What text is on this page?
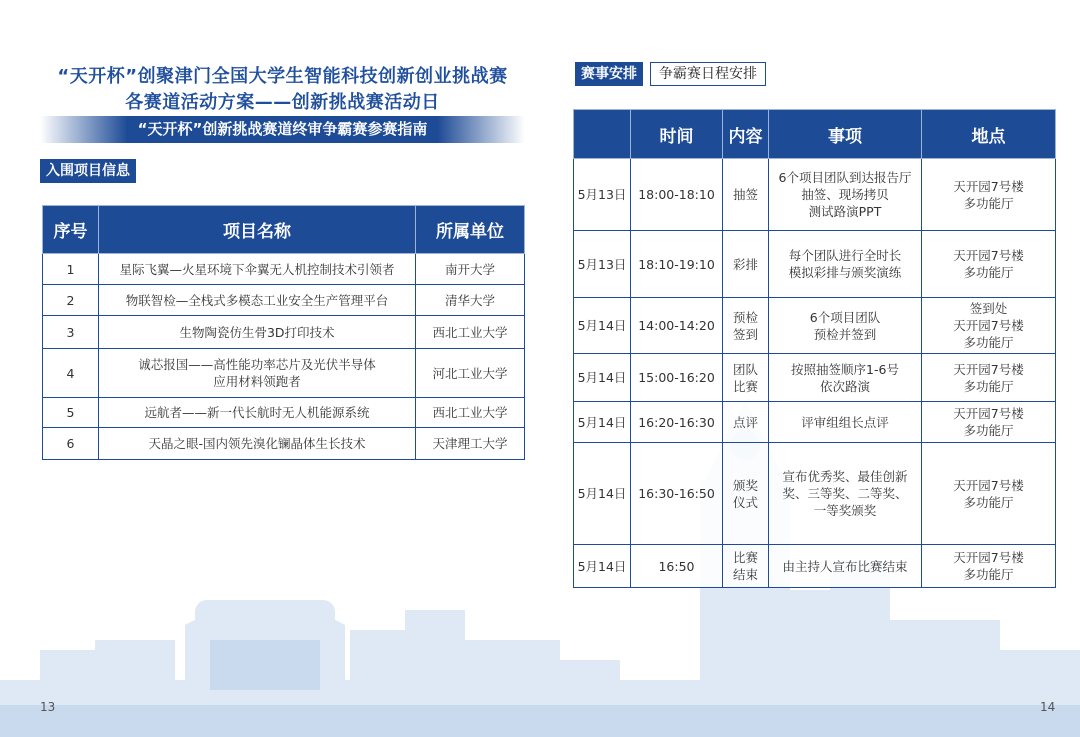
“天开杯”创聚津门全国大学生智能科技创新创业挑战赛
各赛道活动方案——创新挑战赛活动日
“天开杯”创新挑战赛道终审争霸赛参赛指南
入围项目信息
序号	项目名称	所属单位
1	星际飞翼—火星环境下伞翼无人机控制技术引领者	南开大学
2	物联智检—全栈式多模态工业安全生产管理平台	清华大学
3	生物陶瓷仿生骨3D打印技术	西北工业大学
4	诚芯报国——高性能功率芯片及光伏半导体
应用材料领跑者	河北工业大学
5	远航者——新一代长航时无人机能源系统	西北工业大学
6	天晶之眼-国内领先溴化镧晶体生长技术	天津理工大学
赛事安排	争霸赛日程安排
	时间	内容	事项	地点
5月13日	18:00-18:10	抽签	6个项目团队到达报告厅
抽签、现场拷贝
测试路演PPT	天开园7号楼
多功能厅
5月13日	18:10-19:10	彩排	每个团队进行全时长
模拟彩排与颁奖演练	天开园7号楼
多功能厅
5月14日	14:00-14:20	预检
签到	6个项目团队
预检并签到	签到处
天开园7号楼
多功能厅
5月14日	15:00-16:20	团队
比赛	按照抽签顺序1-6号
依次路演	天开园7号楼
多功能厅
5月14日	16:20-16:30	点评	评审组组长点评	天开园7号楼
多功能厅
5月14日	16:30-16:50	颁奖
仪式	宣布优秀奖、最佳创新
奖、三等奖、二等奖、
一等奖颁奖	天开园7号楼
多功能厅
5月14日	16:50	比赛
结束	由主持人宣布比赛结束	天开园7号楼
多功能厅
13	14
